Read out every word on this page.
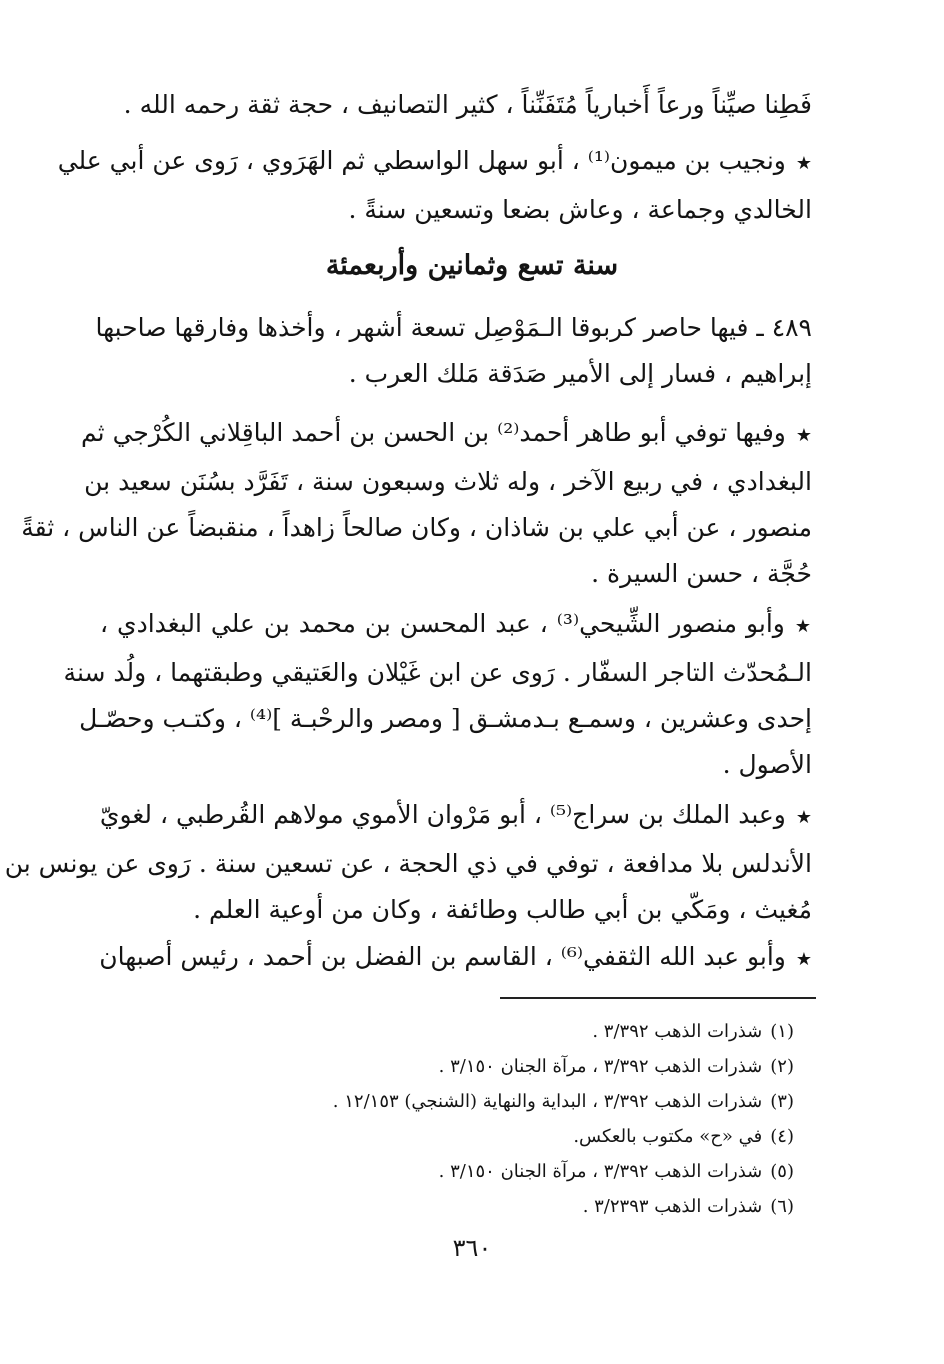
فَطِنا صيِّناً ورعاً أَخبارياً مُتَفَنِّناً ، كثير التصانيف ، حجة ثقة رحمه الله .
★ونجيب بن ميمون⁽¹⁾ ، أبو سهل الواسطي ثم الهَرَوي ، رَوى عن أبي علي
الخالدي وجماعة ، وعاش بضعا وتسعين سنةً .
سنة تسع وثمانين وأربعمئة
٤٨٩ ـ فيها حاصر كربوقا الـمَوْصِل تسعة أشهر ، وأخذها وفارقها صاحبها
إبراهيم ، فسار إلى الأمير صَدَقة مَلك العرب .
★وفيها توفي أبو طاهر أحمد⁽²⁾ بن الحسن بن أحمد الباقِلاني الكُرْجي ثم
البغدادي ، في ربيع الآخر ، وله ثلاث وسبعون سنة ، تَفَرَّد بسُنَن سعيد بن
منصور ، عن أبي علي بن شاذان ، وكان صالحاً زاهداً ، منقبضاً عن الناس ، ثقةً
حُجَّة ، حسن السيرة .
★وأبو منصور الشِّيحي⁽³⁾ ، عبد المحسن بن محمد بن علي البغدادي ،
الـمُحدّث التاجر السفّار . رَوى عن ابن غَيْلان والعَتيقي وطبقتهما ، ولُد سنة
إحدى وعشرين ، وسمـع بـدمشـق [ ومصر والرحْبـة ]⁽⁴⁾ ، وكتـب وحصّـل
الأصول .
★وعبد الملك بن سراج⁽⁵⁾ ، أبو مَرْوان الأموي مولاهم القُرطبي ، لغويّ
الأندلس بلا مدافعة ، توفي في ذي الحجة ، عن تسعين سنة . رَوى عن يونس بن
مُغيث ، ومَكّي بن أبي طالب وطائفة ، وكان من أوعية العلم .
★وأبو عبد الله الثقفي⁽⁶⁾ ، القاسم بن الفضل بن أحمد ، رئيس أصبهان
(١)شذرات الذهب ٣/٣٩٢ .
(٢)شذرات الذهب ٣/٣٩٢ ، مرآة الجنان ٣/١٥٠ .
(٣)شذرات الذهب ٣/٣٩٢ ، البداية والنهاية (الشنجي) ١٢/١٥٣ .
(٤)في «ح» مكتوب بالعكس.
(٥)شذرات الذهب ٣/٣٩٢ ، مرآة الجنان ٣/١٥٠ .
(٦)شذرات الذهب ٣/٢٣٩٣ .
٣٦٠
